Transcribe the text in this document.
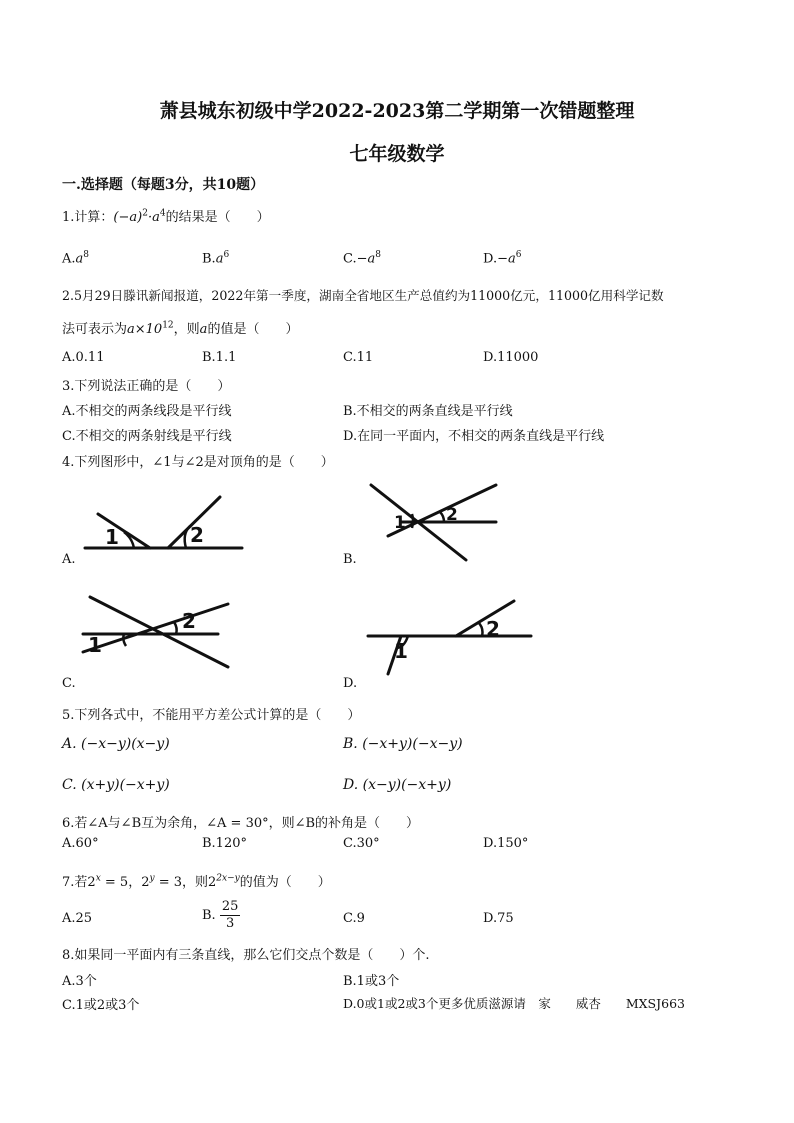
萧县城东初级中学2022-2023第二学期第一次错题整理
七年级数学
一.选择题（每题3分，共10题）
1.计算：$(-a)^2\cdot a^4$的结果是（　　）
$A.a^8$	$B.a^6$	$C.-a^8$	$D.-a^6$
2.5月29日滕讯新闻报道，2022年第一季度，湖南全省地区生产总值约为11000亿元，11000亿用科学记数
法可表示为$a\times 10^{12}$，则a的值是（　　）
A.0.11	B.1.1	C.11	D.11000
3.下列说法正确的是（　　）
A.不相交的两条线段是平行线	B.不相交的两条直线是平行线
C.不相交的两条射线是平行线	D.在同一平面内，不相交的两条直线是平行线
4.下列图形中，∠1与∠2是对顶角的是（　　）
1	2
A.
1 2
B.
1
2
C.
1
2
D.
5.下列各式中，不能用平方差公式计算的是（　　）
A. (−x−y)(x−y)	B. (−x+y)(−x−y)
C. (x+y)(−x+y)	D. (x−y)(−x+y)
6.若∠A与∠B互为余角，∠A = 30°，则∠B的补角是（　　）
A.60°	B.120°	C.30°	D.150°
7.若$2^x = 5$，$2^y = 3$，则$2^{2x-y}$的值为（　　）
A.25	B. $\frac{25}{3}$	C.9	D.75
8.如果同一平面内有三条直线，那么它们交点个数是（　　）个.
A.3个	B.1或3个
C.1或2或3个	D.0或1或2或3个更多优质滋源请　家　　威杏　　MXSJ663
